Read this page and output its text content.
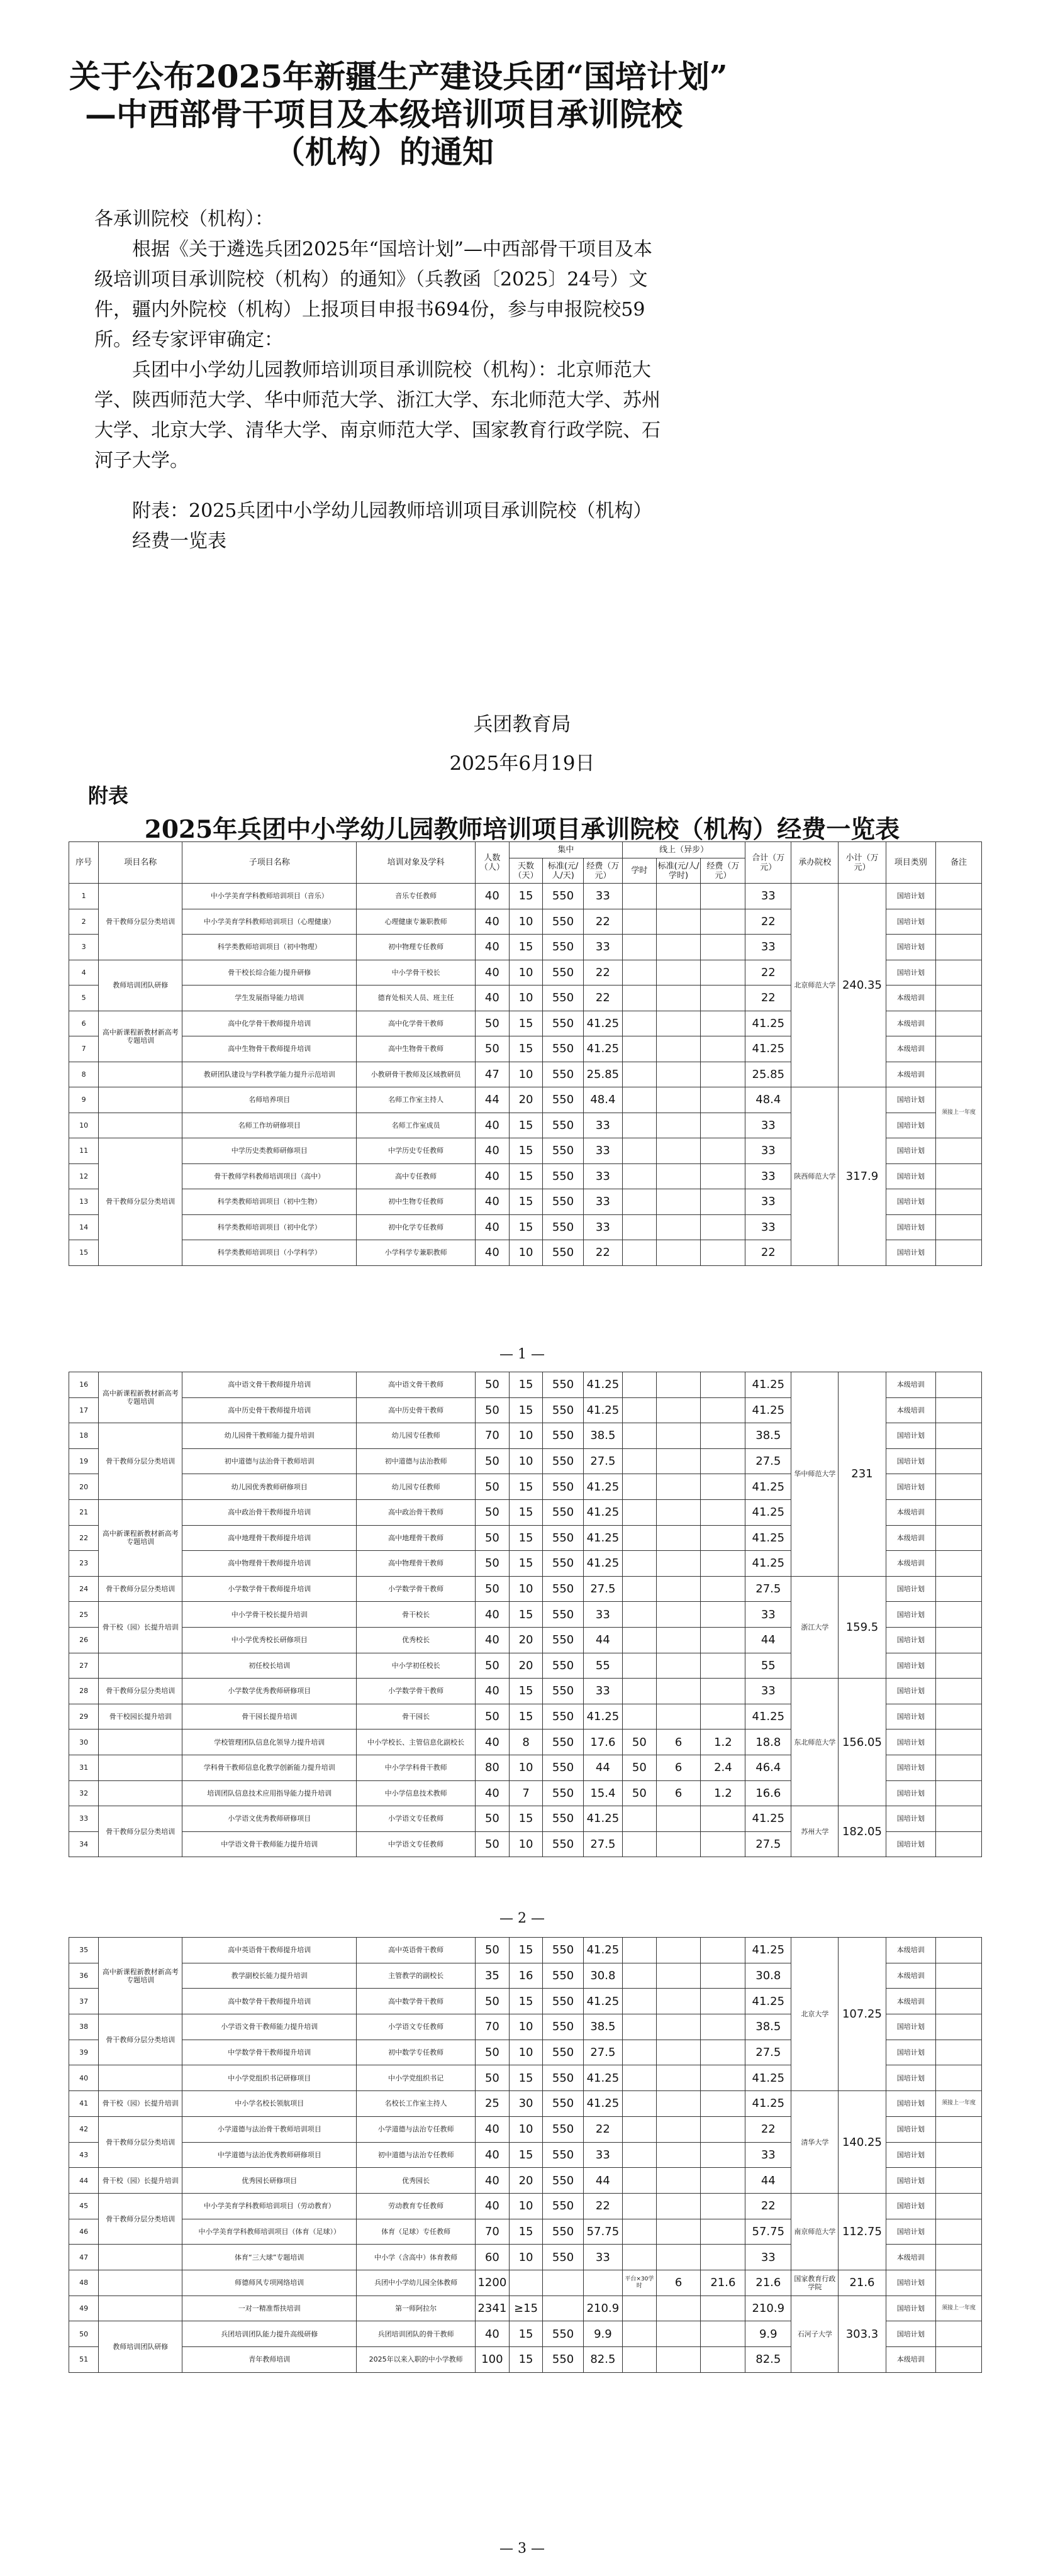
关于公布2025年新疆生产建设兵团“国培计划”
—中西部骨干项目及本级培训项目承训院校
（机构）的通知

各承训院校（机构）：

根据《关于遴选兵团2025年“国培计划”—中西部骨干项目及本级培训项目承训院校（机构）的通知》（兵教函〔2025〕24号）文件，疆内外院校（机构）上报项目申报书694份，参与申报院校59所。经专家评审确定：

兵团中小学幼儿园教师培训项目承训院校（机构）：北京师范大学、陕西师范大学、华中师范大学、浙江大学、东北师范大学、苏州大学、北京大学、清华大学、南京师范大学、国家教育行政学院、石河子大学。

附表：2025兵团中小学幼儿园教师培训项目承训院校（机构）经费一览表

兵团教育局
2025年6月19日
附表
2025年兵团中小学幼儿园教师培训项目承训院校（机构）经费一览表
序号	项目名称	子项目名称	培训对象及学科	人数（人）	集中			线上（异步）			合计（万元）	承办院校	小计（万元）	项目类别	备注
					天数（天）	标准(元/人/天)	经费（万元）	学时	标准(元/人/学时)	经费（万元）					
1	骨干教师分层分类培训	中小学美育学科教师培训项目（音乐）	音乐专任教师	40	15	550	33				33	北京师范大学	240.35	国培计划	
2		中小学美育学科教师培训项目（心理健康）	心理健康专兼职教师	40	10	550	22				22			国培计划	
3		科学类教师培训项目（初中物理）	初中物理专任教师	40	15	550	33				33			国培计划	
4	教师培训团队研修	骨干校长综合能力提升研修	中小学骨干校长	40	10	550	22				22			国培计划	
5		学生发展指导能力培训	德育处相关人员、班主任	40	10	550	22				22			本级培训	
6	高中新课程新教材新高考专题培训	高中化学骨干教师提升培训	高中化学骨干教师	50	15	550	41.25				41.25			本级培训	
7		高中生物骨干教师提升培训	高中生物骨干教师	50	15	550	41.25				41.25			本级培训	
8		教研团队建设与学科教学能力提升示范培训	小教研骨干教师及区域教研员	47	10	550	25.85				25.85			本级培训	
9		名师培养项目	名师工作室主持人	44	20	550	48.4				48.4	陕西师范大学	317.9	国培计划	须接上一年度
10		名师工作坊研修项目	名师工作室成员	40	15	550	33				33			国培计划	
11	骨干教师分层分类培训	中学历史类教师研修项目	中学历史专任教师	40	15	550	33				33			国培计划	
12		骨干教师学科教师培训项目（高中）	高中专任教师	40	15	550	33				33			国培计划	
13		科学类教师培训项目（初中生物）	初中生物专任教师	40	15	550	33				33			国培计划	
14		科学类教师培训项目（初中化学）	初中化学专任教师	40	15	550	33				33			国培计划	
15		科学类教师培训项目（小学科学）	小学科学专兼职教师	40	10	550	22				22			国培计划	
— 1 —
16	高中新课程新教材新高考专题培训	高中语文骨干教师提升培训	高中语文骨干教师	50	15	550	41.25				41.25	华中师范大学	231	本级培训	
17		高中历史骨干教师提升培训	高中历史骨干教师	50	15	550	41.25				41.25			本级培训	
18	骨干教师分层分类培训	幼儿园骨干教师能力提升培训	幼儿园专任教师	70	10	550	38.5				38.5			国培计划	
19		初中道德与法治骨干教师培训	初中道德与法治教师	50	10	550	27.5				27.5			国培计划	
20		幼儿园优秀教师研修项目	幼儿园专任教师	50	15	550	41.25				41.25			国培计划	
21	高中新课程新教材新高考专题培训	高中政治骨干教师提升培训	高中政治骨干教师	50	15	550	41.25				41.25			本级培训	
22		高中地理骨干教师提升培训	高中地理骨干教师	50	15	550	41.25				41.25			本级培训	
23		高中物理骨干教师提升培训	高中物理骨干教师	50	15	550	41.25				41.25			本级培训	
24	骨干教师分层分类培训	小学数学骨干教师提升培训	小学数学骨干教师	50	10	550	27.5				27.5	浙江大学	159.5	国培计划	
25	骨干校（园）长提升培训	中小学骨干校长提升培训	骨干校长	40	15	550	33				33			国培计划	
26		中小学优秀校长研修项目	优秀校长	40	20	550	44				44			国培计划	
27		初任校长培训	中小学初任校长	50	20	550	55				55			国培计划	
28	骨干教师分层分类培训	小学数学优秀教师研修项目	小学数学骨干教师	40	15	550	33				33	东北师范大学	156.05	国培计划	
29	骨干校园长提升培训	骨干园长提升培训	骨干园长	50	15	550	41.25				41.25			国培计划	
30		学校管理团队信息化领导力提升培训	中小学校长、主管信息化副校长	40	8	550	17.6	50	6	1.2	18.8			国培计划	
31		学科骨干教师信息化教学创新能力提升培训	中小学学科骨干教师	80	10	550	44	50	6	2.4	46.4			国培计划	
32		培训团队信息技术应用指导能力提升培训	中小学信息技术教师	40	7	550	15.4	50	6	1.2	16.6			国培计划	
33	骨干教师分层分类培训	小学语文优秀教师研修项目	小学语文专任教师	50	15	550	41.25				41.25	苏州大学	182.05	国培计划	
34		中学语文骨干教师能力提升培训	中学语文专任教师	50	10	550	27.5				27.5			国培计划	
— 2 —
35	高中新课程新教材新高考专题培训	高中英语骨干教师提升培训	高中英语骨干教师	50	15	550	41.25				41.25	北京大学	107.25	本级培训	
36		教学副校长能力提升培训	主管教学的副校长	35	16	550	30.8				30.8			本级培训	
37		高中数学骨干教师提升培训	高中数学骨干教师	50	15	550	41.25				41.25			本级培训	
38	骨干教师分层分类培训	小学语文骨干教师能力提升培训	小学语文专任教师	70	10	550	38.5				38.5			国培计划	
39		中学数学骨干教师提升培训	初中数学专任教师	50	10	550	27.5				27.5			国培计划	
40		中小学党组织书记研修项目	中小学党组织书记	50	15	550	41.25				41.25			国培计划	
41	骨干校（园）长提升培训	中小学名校长领航项目	名校长工作室主持人	25	30	550	41.25				41.25	清华大学	140.25	国培计划	须接上一年度
42	骨干教师分层分类培训	小学道德与法治骨干教师培训项目	小学道德与法治专任教师	40	10	550	22				22			国培计划	
43		中学道德与法治优秀教师研修项目	初中道德与法治专任教师	40	15	550	33				33			国培计划	
44	骨干校（园）长提升培训	优秀园长研修项目	优秀园长	40	20	550	44				44			国培计划	
45	骨干教师分层分类培训	中小学美育学科教师培训项目（劳动教育）	劳动教育专任教师	40	10	550	22				22	南京师范大学	112.75	国培计划	
46		中小学美育学科教师培训项目（体育（足球））	体育（足球）专任教师	70	15	550	57.75				57.75			国培计划	
47		体育“三大球”专题培训	中小学（含高中）体育教师	60	10	550	33				33			本级培训	
48		师德师风专项网络培训	兵团中小学幼儿园全体教师	1200				平台×30学时	6	21.6	21.6	国家教育行政学院	21.6	国培计划	
49		一对一精准帮扶培训	第一师阿拉尔	2341	≥15		210.9				210.9	石河子大学	303.3	国培计划	须接上一年度
50	教师培训团队研修	兵团培训团队能力提升高级研修	兵团培训团队的骨干教师	40	15	550	9.9				9.9			国培计划	
51		青年教师培训	2025年以来入职的中小学教师	100	15	550	82.5				82.5			本级培训	
— 3 —
